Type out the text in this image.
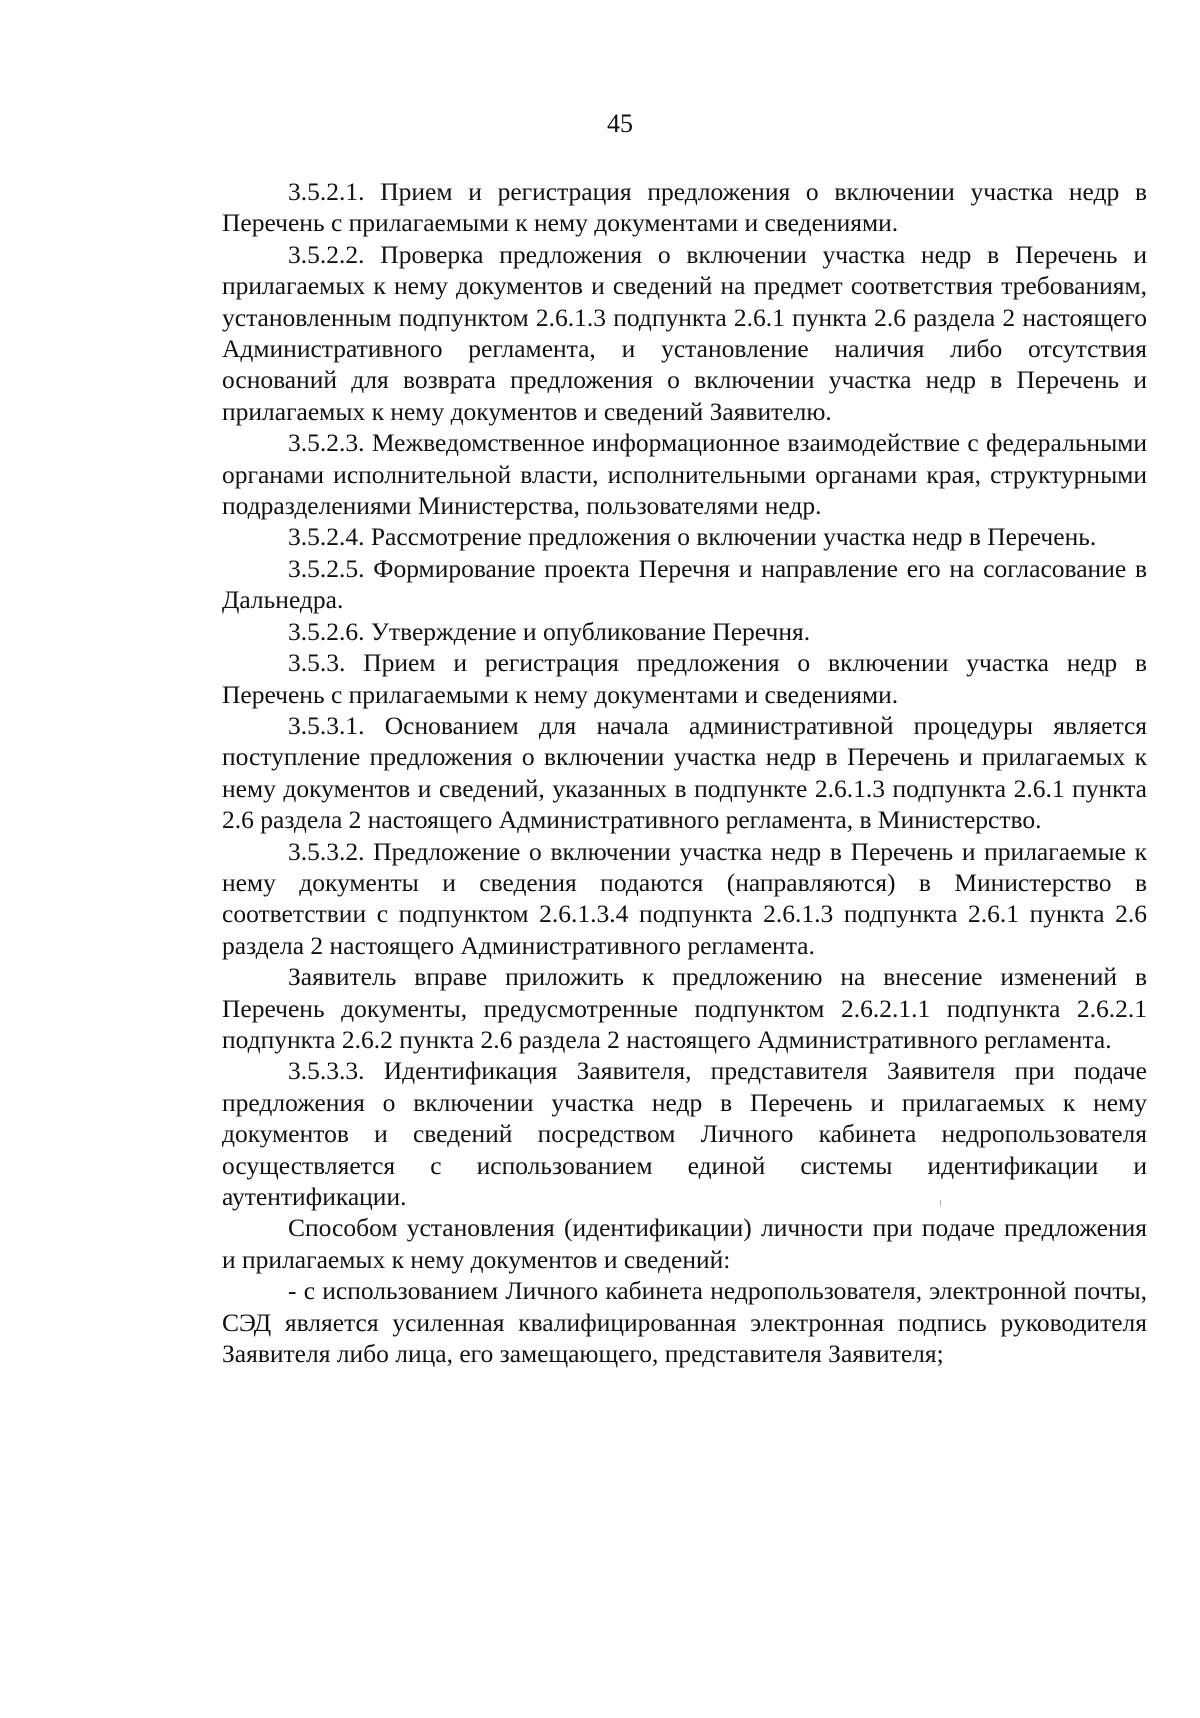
45

3.5.2.1. Прием и регистрация предложения о включении участка недр в Перечень с прилагаемыми к нему документами и сведениями.

3.5.2.2. Проверка предложения о включении участка недр в Перечень и прилагаемых к нему документов и сведений на предмет соответствия требованиям, установленным подпунктом 2.6.1.3 подпункта 2.6.1 пункта 2.6 раздела 2 настоящего Административного регламента, и установление наличия либо отсутствия оснований для возврата предложения о включении участка недр в Перечень и прилагаемых к нему документов и сведений Заявителю.

3.5.2.3. Межведомственное информационное взаимодействие с федеральными органами исполнительной власти, исполнительными органами края, структурными подразделениями Министерства, пользователями недр.

3.5.2.4. Рассмотрение предложения о включении участка недр в Перечень.

3.5.2.5. Формирование проекта Перечня и направление его на согласование в Дальнедра.

3.5.2.6. Утверждение и опубликование Перечня.

3.5.3. Прием и регистрация предложения о включении участка недр в Перечень с прилагаемыми к нему документами и сведениями.

3.5.3.1. Основанием для начала административной процедуры является поступление предложения о включении участка недр в Перечень и прилагаемых к нему документов и сведений, указанных в подпункте 2.6.1.3 подпункта 2.6.1 пункта 2.6 раздела 2 настоящего Административного регламента, в Министерство.

3.5.3.2. Предложение о включении участка недр в Перечень и прилагаемые к нему документы и сведения подаются (направляются) в Министерство в соответствии с подпунктом 2.6.1.3.4 подпункта 2.6.1.3 подпункта 2.6.1 пункта 2.6 раздела 2 настоящего Административного регламента.

Заявитель вправе приложить к предложению на внесение изменений в Перечень документы, предусмотренные подпунктом 2.6.2.1.1 подпункта 2.6.2.1 подпункта 2.6.2 пункта 2.6 раздела 2 настоящего Административного регламента.

3.5.3.3. Идентификация Заявителя, представителя Заявителя при подаче предложения о включении участка недр в Перечень и прилагаемых к нему документов и сведений посредством Личного кабинета недропользователя осуществляется с использованием единой системы идентификации и аутентификации.

Способом установления (идентификации) личности при подаче предложения и прилагаемых к нему документов и сведений:

- с использованием Личного кабинета недропользователя, электронной почты, СЭД является усиленная квалифицированная электронная подпись руководителя Заявителя либо лица, его замещающего, представителя Заявителя;
